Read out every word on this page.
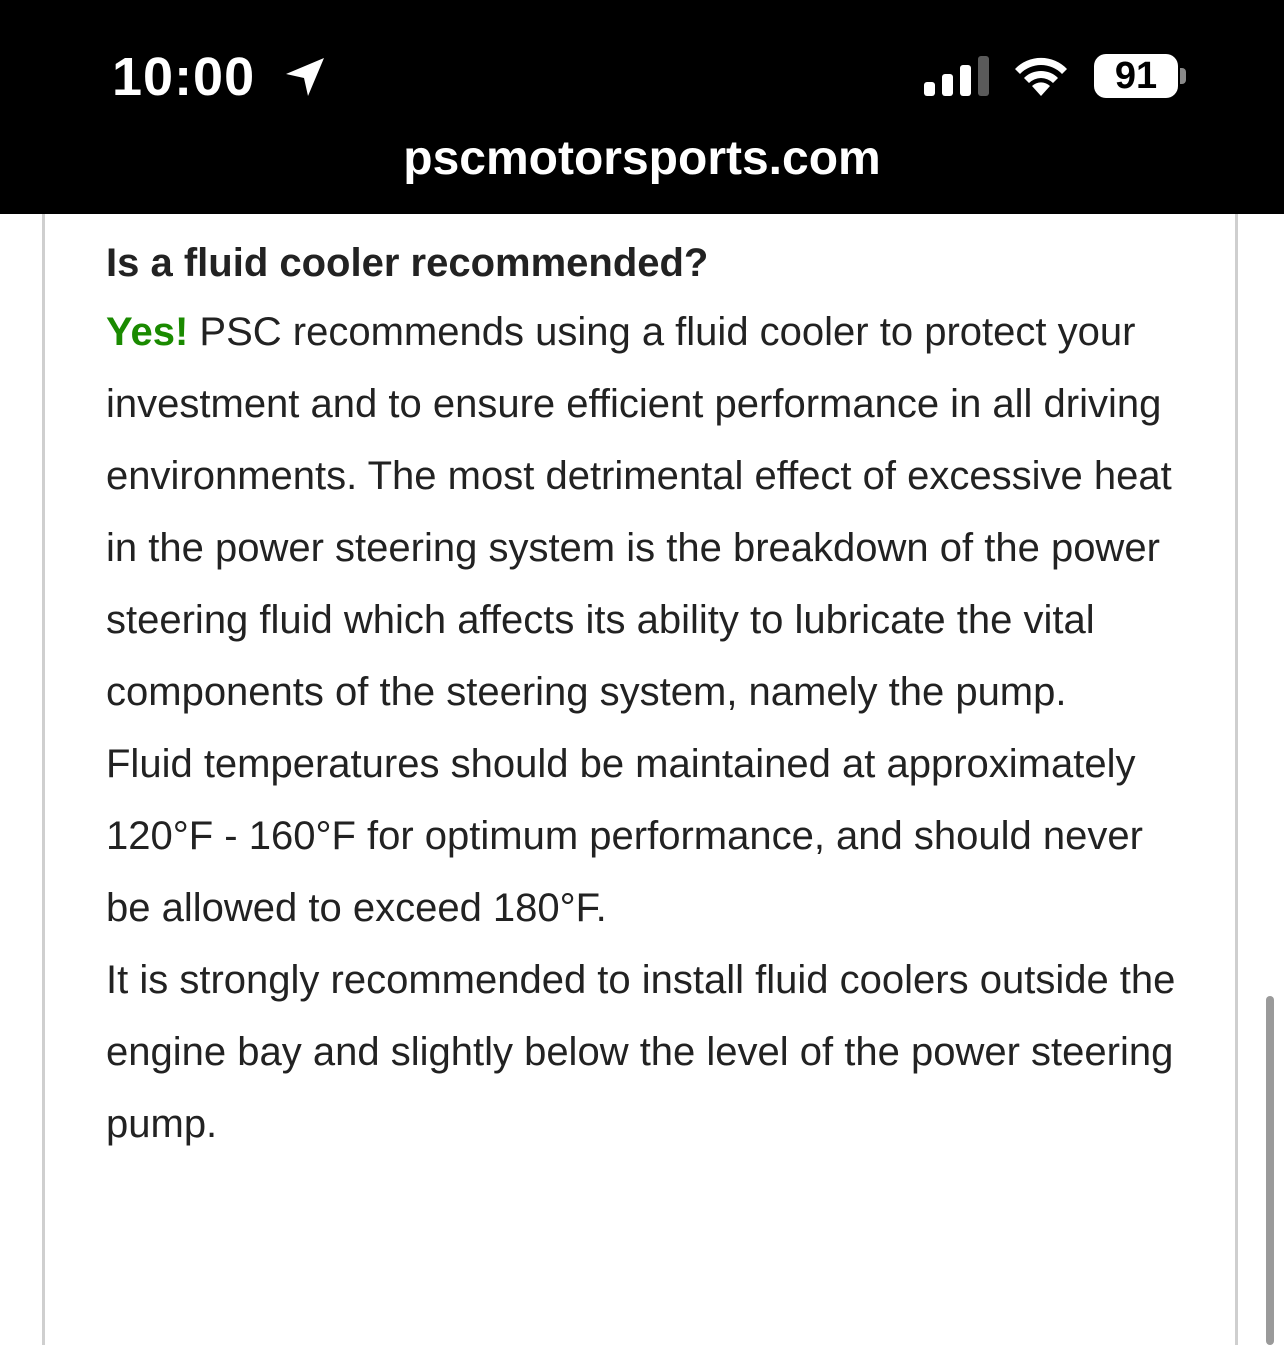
10:00	91
pscmotorsports.com

Is a fluid cooler recommended?

Yes! PSC recommends using a fluid cooler to protect your investment and to ensure efficient performance in all driving environments. The most detrimental effect of excessive heat in the power steering system is the breakdown of the power steering fluid which affects its ability to lubricate the vital components of the steering system, namely the pump.

Fluid temperatures should be maintained at approximately 120°F - 160°F for optimum performance, and should never be allowed to exceed 180°F.

It is strongly recommended to install fluid coolers outside the engine bay and slightly below the level of the power steering pump.
